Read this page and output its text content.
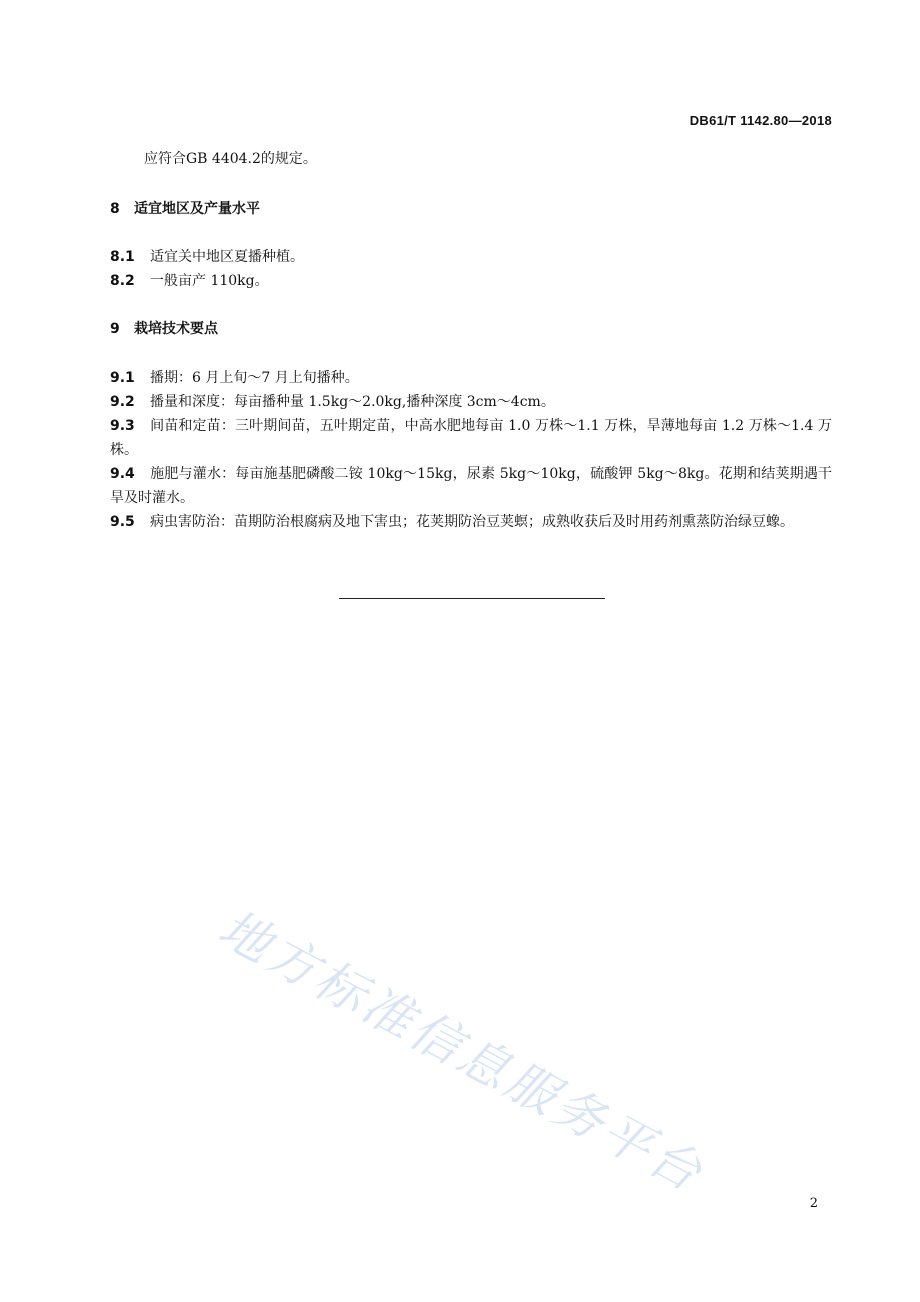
DB61/T 1142.80—2018
应符合GB 4404.2的规定。
8 适宜地区及产量水平
8.1 适宜关中地区夏播种植。
8.2 一般亩产 110kg。
9 栽培技术要点
9.1 播期：6 月上旬～7 月上旬播种。
9.2 播量和深度：每亩播种量 1.5kg～2.0kg,播种深度 3cm～4cm。
9.3 间苗和定苗：三叶期间苗，五叶期定苗，中高水肥地每亩 1.0 万株～1.1 万株，旱薄地每亩 1.2 万株～1.4 万株。
9.4 施肥与灌水：每亩施基肥磷酸二铵 10kg～15kg，尿素 5kg～10kg，硫酸钾 5kg～8kg。花期和结荚期遇干旱及时灌水。
9.5 病虫害防治：苗期防治根腐病及地下害虫；花荚期防治豆荚螟；成熟收获后及时用药剂熏蒸防治绿豆蟓。
地方标准信息服务平台	2
